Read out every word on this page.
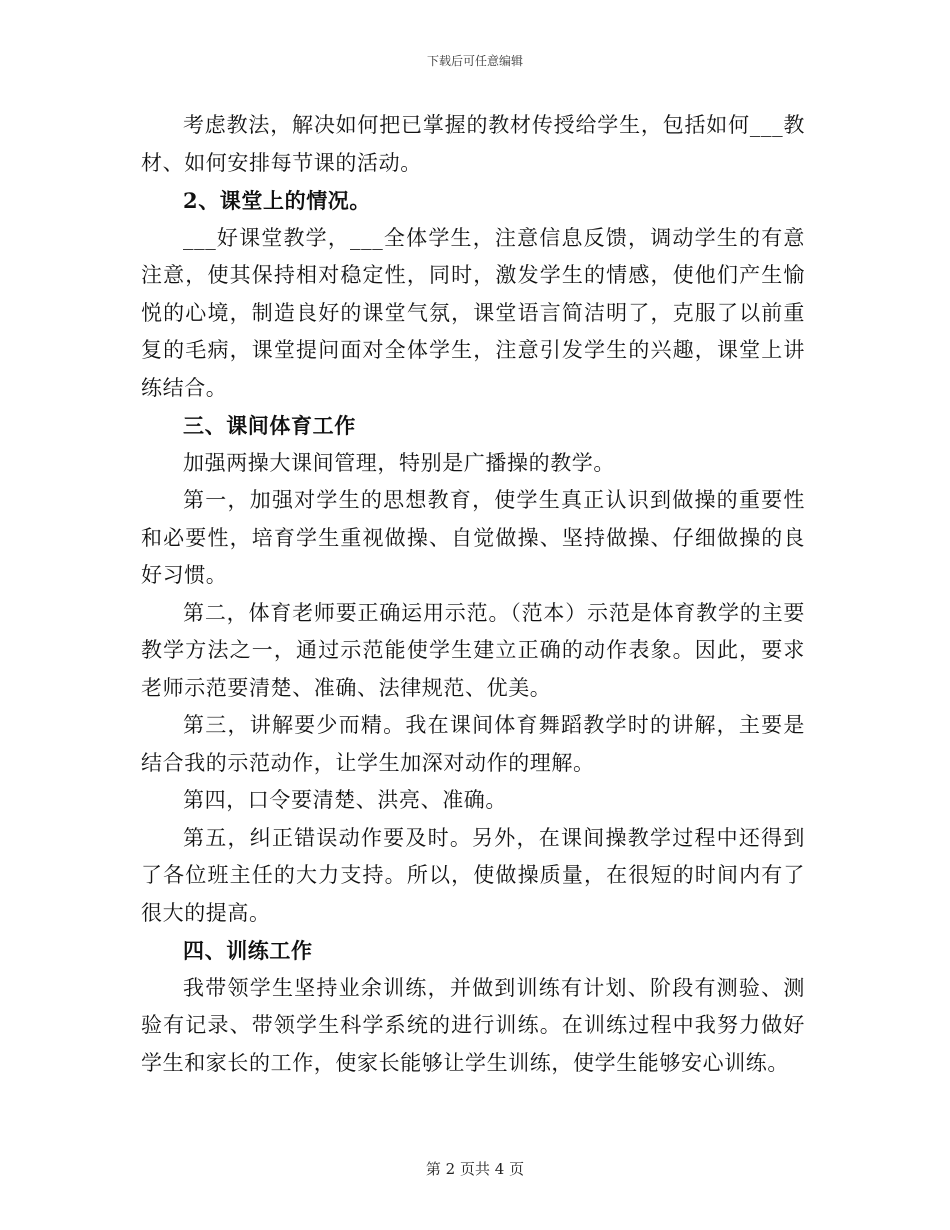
下载后可任意编辑

考虑教法，解决如何把已掌握的教材传授给学生，包括如何___教材、如何安排每节课的活动。

2、课堂上的情况。

___好课堂教学，___全体学生，注意信息反馈，调动学生的有意注意，使其保持相对稳定性，同时，激发学生的情感，使他们产生愉悦的心境，制造良好的课堂气氛，课堂语言简洁明了，克服了以前重复的毛病，课堂提问面对全体学生，注意引发学生的兴趣，课堂上讲练结合。

三、课间体育工作

加强两操大课间管理，特别是广播操的教学。

第一，加强对学生的思想教育，使学生真正认识到做操的重要性和必要性，培育学生重视做操、自觉做操、坚持做操、仔细做操的良好习惯。

第二，体育老师要正确运用示范。（范本）示范是体育教学的主要教学方法之一，通过示范能使学生建立正确的动作表象。因此，要求老师示范要清楚、准确、法律规范、优美。

第三，讲解要少而精。我在课间体育舞蹈教学时的讲解，主要是结合我的示范动作，让学生加深对动作的理解。

第四，口令要清楚、洪亮、准确。

第五，纠正错误动作要及时。另外，在课间操教学过程中还得到了各位班主任的大力支持。所以，使做操质量，在很短的时间内有了很大的提高。

四、训练工作

我带领学生坚持业余训练，并做到训练有计划、阶段有测验、测验有记录、带领学生科学系统的进行训练。在训练过程中我努力做好学生和家长的工作，使家长能够让学生训练，使学生能够安心训练。

第 2 页共 4 页
